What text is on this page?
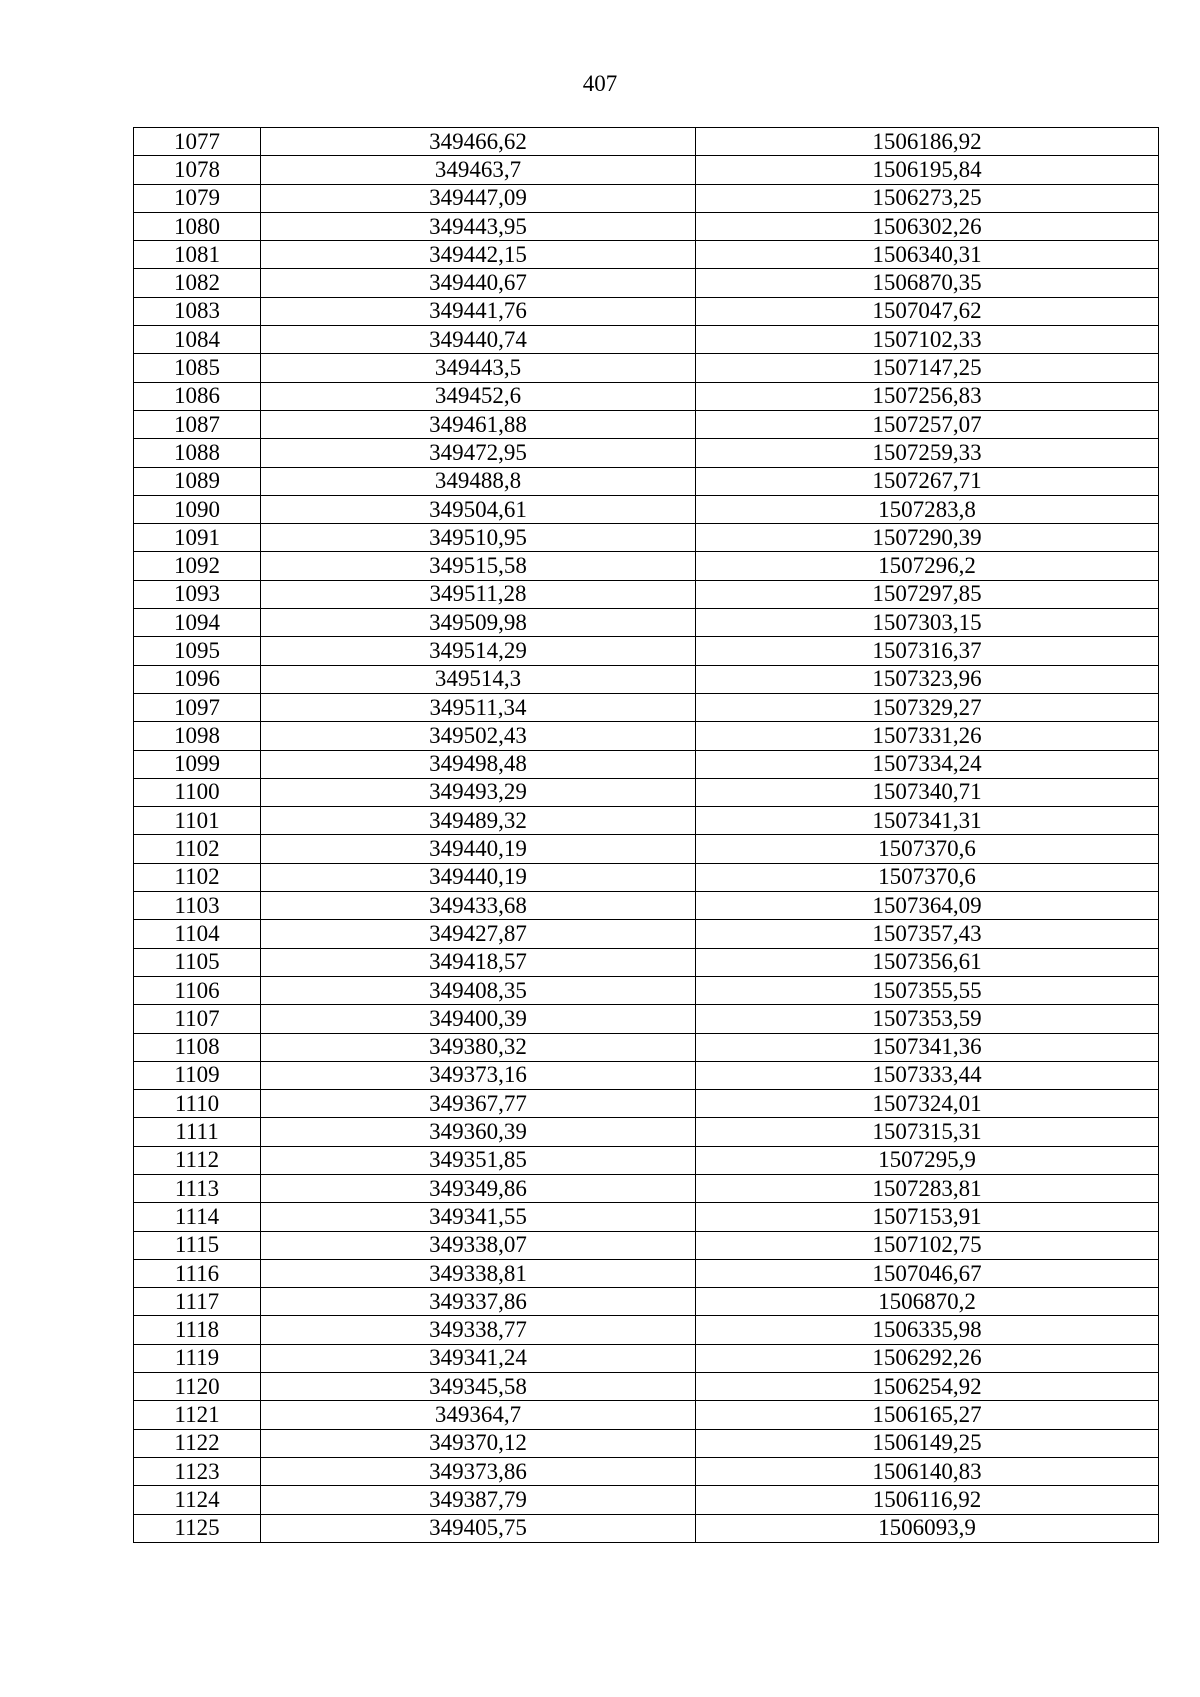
407
1077	349466,62	1506186,92
1078	349463,7	1506195,84
1079	349447,09	1506273,25
1080	349443,95	1506302,26
1081	349442,15	1506340,31
1082	349440,67	1506870,35
1083	349441,76	1507047,62
1084	349440,74	1507102,33
1085	349443,5	1507147,25
1086	349452,6	1507256,83
1087	349461,88	1507257,07
1088	349472,95	1507259,33
1089	349488,8	1507267,71
1090	349504,61	1507283,8
1091	349510,95	1507290,39
1092	349515,58	1507296,2
1093	349511,28	1507297,85
1094	349509,98	1507303,15
1095	349514,29	1507316,37
1096	349514,3	1507323,96
1097	349511,34	1507329,27
1098	349502,43	1507331,26
1099	349498,48	1507334,24
1100	349493,29	1507340,71
1101	349489,32	1507341,31
1102	349440,19	1507370,6
1102	349440,19	1507370,6
1103	349433,68	1507364,09
1104	349427,87	1507357,43
1105	349418,57	1507356,61
1106	349408,35	1507355,55
1107	349400,39	1507353,59
1108	349380,32	1507341,36
1109	349373,16	1507333,44
1110	349367,77	1507324,01
1111	349360,39	1507315,31
1112	349351,85	1507295,9
1113	349349,86	1507283,81
1114	349341,55	1507153,91
1115	349338,07	1507102,75
1116	349338,81	1507046,67
1117	349337,86	1506870,2
1118	349338,77	1506335,98
1119	349341,24	1506292,26
1120	349345,58	1506254,92
1121	349364,7	1506165,27
1122	349370,12	1506149,25
1123	349373,86	1506140,83
1124	349387,79	1506116,92
1125	349405,75	1506093,9
